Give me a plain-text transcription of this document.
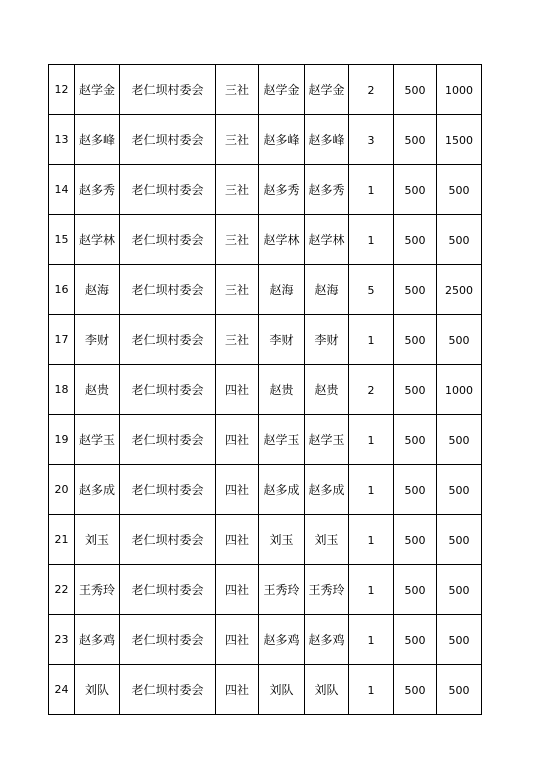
12	赵学金	老仁坝村委会	三社	赵学金	赵学金	2	500	1000
13	赵多峰	老仁坝村委会	三社	赵多峰	赵多峰	3	500	1500
14	赵多秀	老仁坝村委会	三社	赵多秀	赵多秀	1	500	500
15	赵学林	老仁坝村委会	三社	赵学林	赵学林	1	500	500
16	赵海	老仁坝村委会	三社	赵海	赵海	5	500	2500
17	李财	老仁坝村委会	三社	李财	李财	1	500	500
18	赵贵	老仁坝村委会	四社	赵贵	赵贵	2	500	1000
19	赵学玉	老仁坝村委会	四社	赵学玉	赵学玉	1	500	500
20	赵多成	老仁坝村委会	四社	赵多成	赵多成	1	500	500
21	刘玉	老仁坝村委会	四社	刘玉	刘玉	1	500	500
22	王秀玲	老仁坝村委会	四社	王秀玲	王秀玲	1	500	500
23	赵多鸡	老仁坝村委会	四社	赵多鸡	赵多鸡	1	500	500
24	刘队	老仁坝村委会	四社	刘队	刘队	1	500	500
